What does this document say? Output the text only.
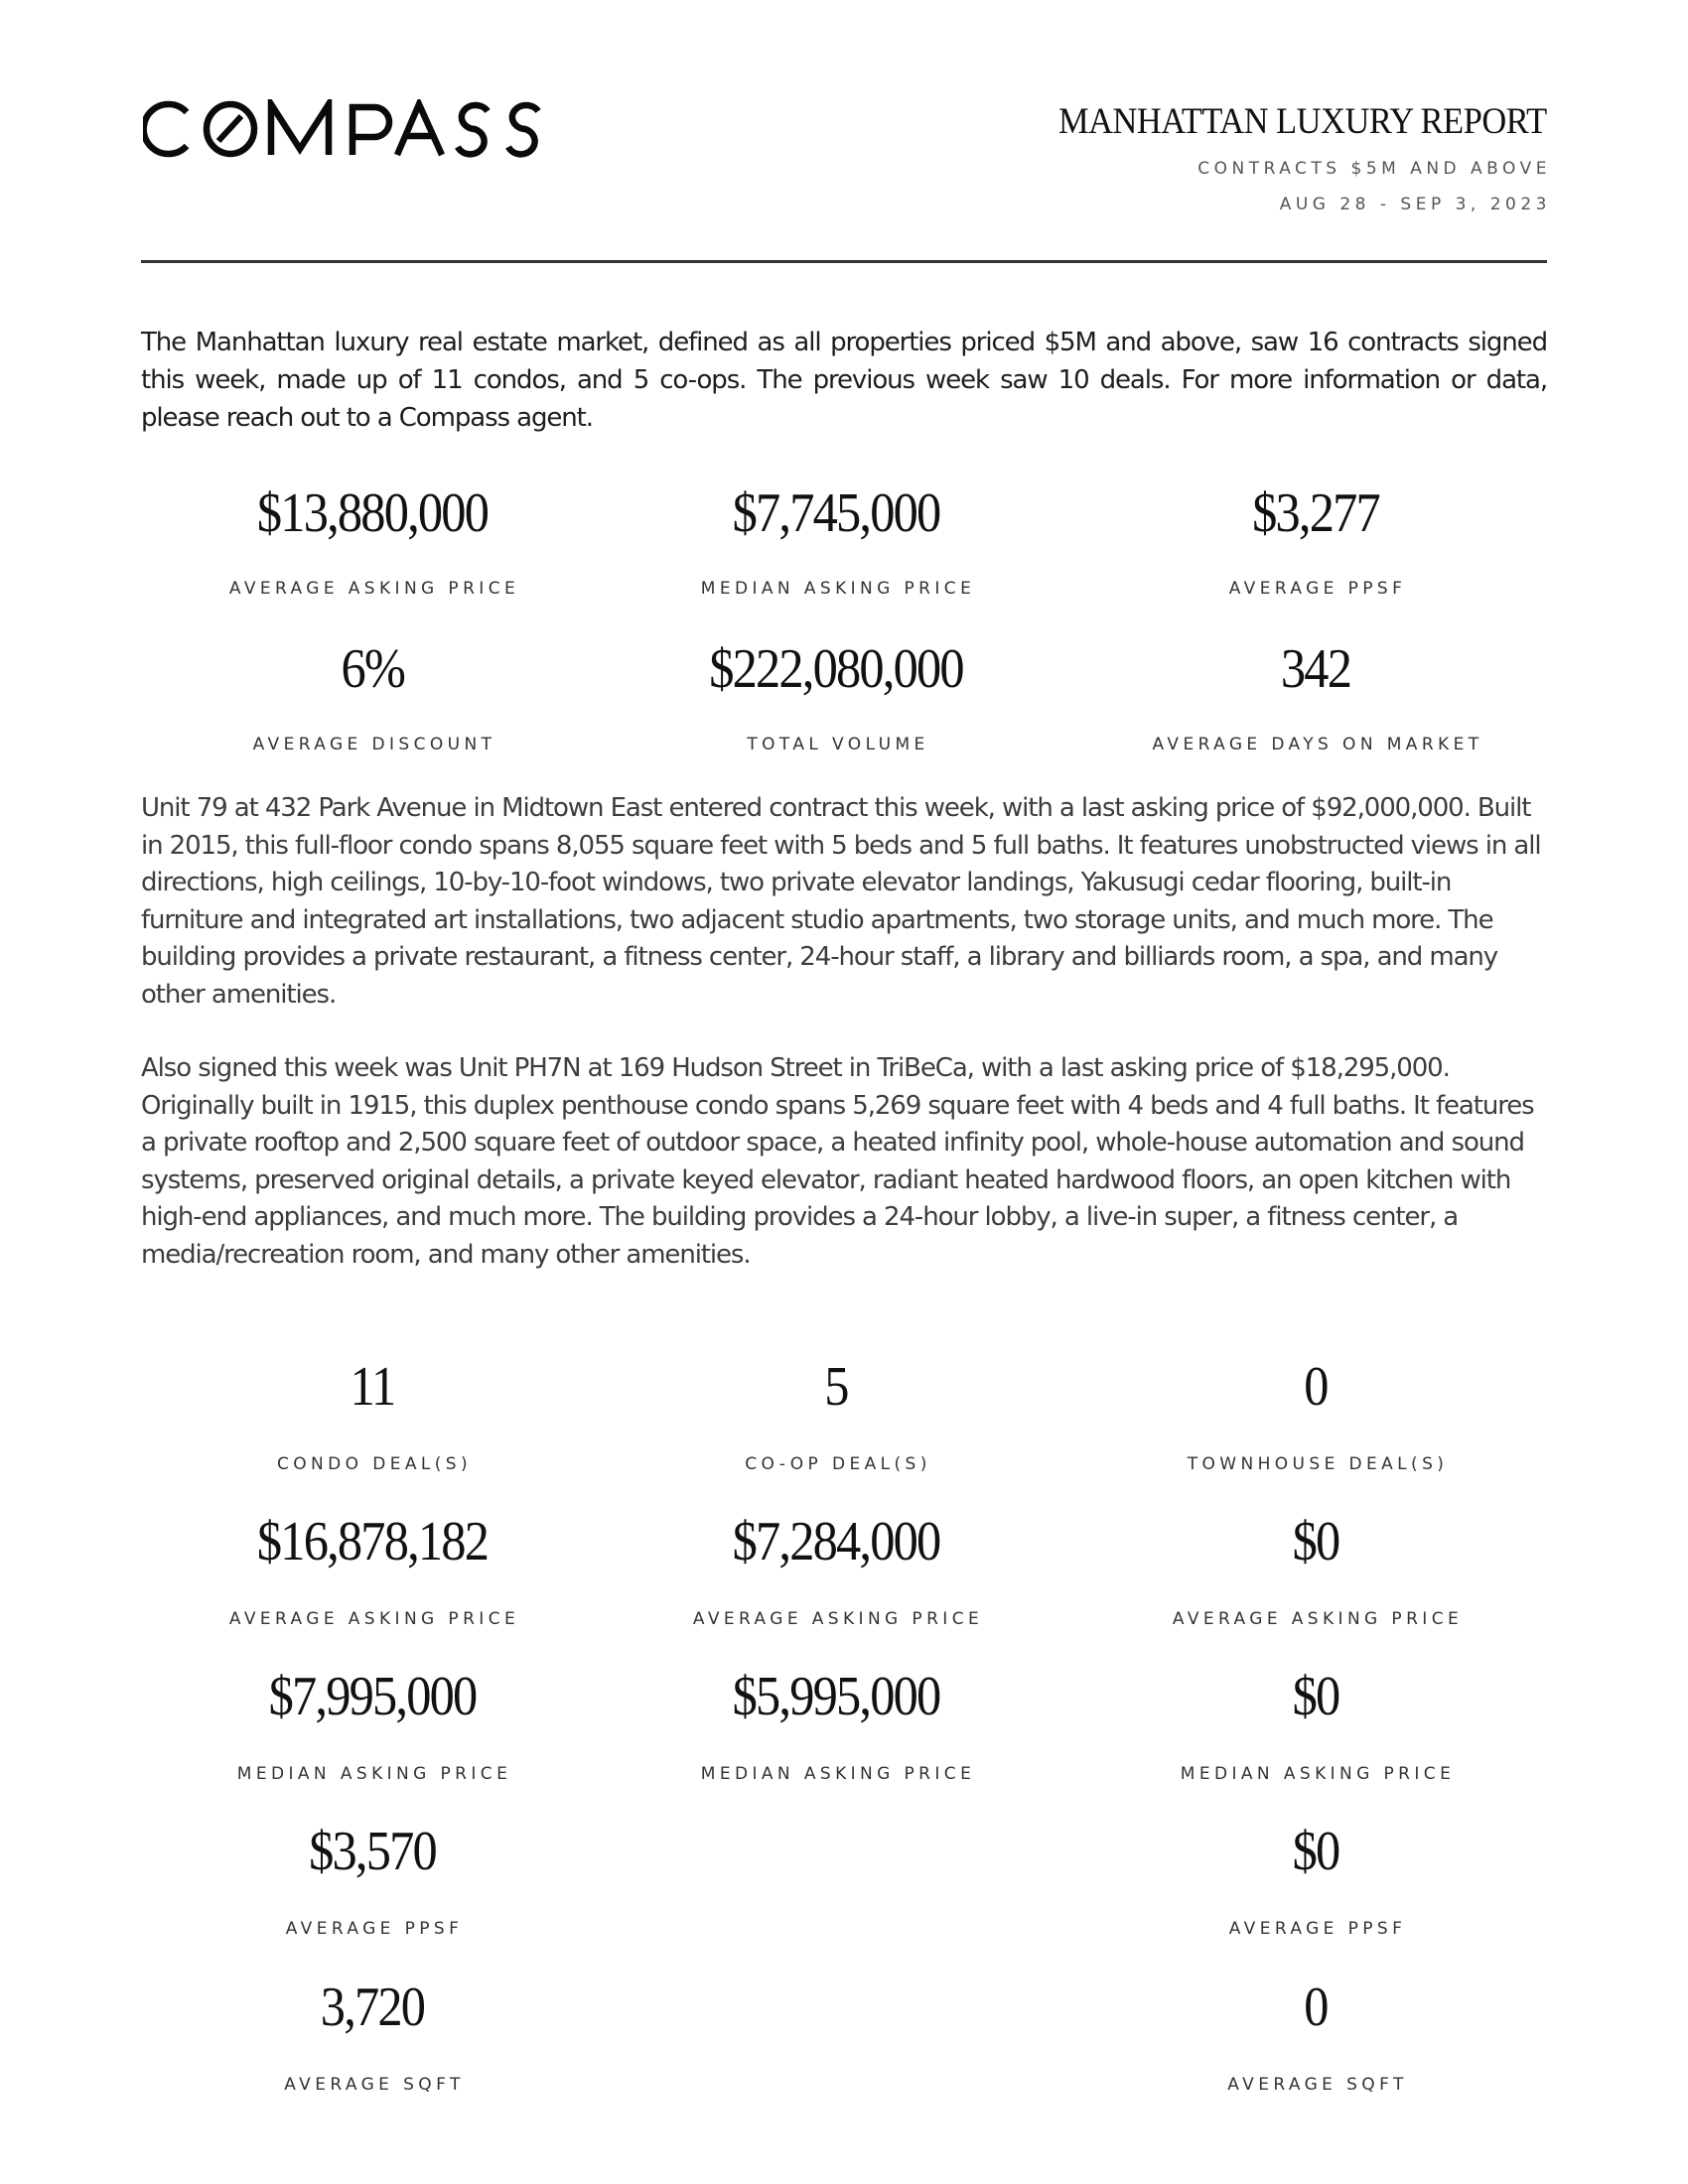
MANHATTAN LUXURY REPORT
CONTRACTS $5M AND ABOVE
AUG 28 - SEP 3, 2023
The Manhattan luxury real estate market, defined as all properties priced $5M and above, saw 16 contracts signed this week, made up of 11 condos, and 5 co-ops. The previous week saw 10 deals. For more information or data, please reach out to a Compass agent.
$13,880,000
AVERAGE ASKING PRICE
$7,745,000
MEDIAN ASKING PRICE
$3,277
AVERAGE PPSF
6%
AVERAGE DISCOUNT
$222,080,000
TOTAL VOLUME
342
AVERAGE DAYS ON MARKET
Unit 79 at 432 Park Avenue in Midtown East entered contract this week, with a last asking price of $92,000,000. Built in 2015, this full-floor condo spans 8,055 square feet with 5 beds and 5 full baths. It features unobstructed views in all directions, high ceilings, 10-by-10-foot windows, two private elevator landings, Yakusugi cedar flooring, built-in furniture and integrated art installations, two adjacent studio apartments, two storage units, and much more. The building provides a private restaurant, a fitness center, 24-hour staff, a library and billiards room, a spa, and many other amenities.
Also signed this week was Unit PH7N at 169 Hudson Street in TriBeCa, with a last asking price of $18,295,000. Originally built in 1915, this duplex penthouse condo spans 5,269 square feet with 4 beds and 4 full baths. It features a private rooftop and 2,500 square feet of outdoor space, a heated infinity pool, whole-house automation and sound systems, preserved original details, a private keyed elevator, radiant heated hardwood floors, an open kitchen with high-end appliances, and much more. The building provides a 24-hour lobby, a live-in super, a fitness center, a media/recreation room, and many other amenities.
11
CONDO DEAL(S)
$16,878,182
AVERAGE ASKING PRICE
$7,995,000
MEDIAN ASKING PRICE
$3,570
AVERAGE PPSF
3,720
AVERAGE SQFT
5
CO-OP DEAL(S)
$7,284,000
AVERAGE ASKING PRICE
$5,995,000
MEDIAN ASKING PRICE
0
TOWNHOUSE DEAL(S)
$0
AVERAGE ASKING PRICE
$0
MEDIAN ASKING PRICE
$0
AVERAGE PPSF
0
AVERAGE SQFT
